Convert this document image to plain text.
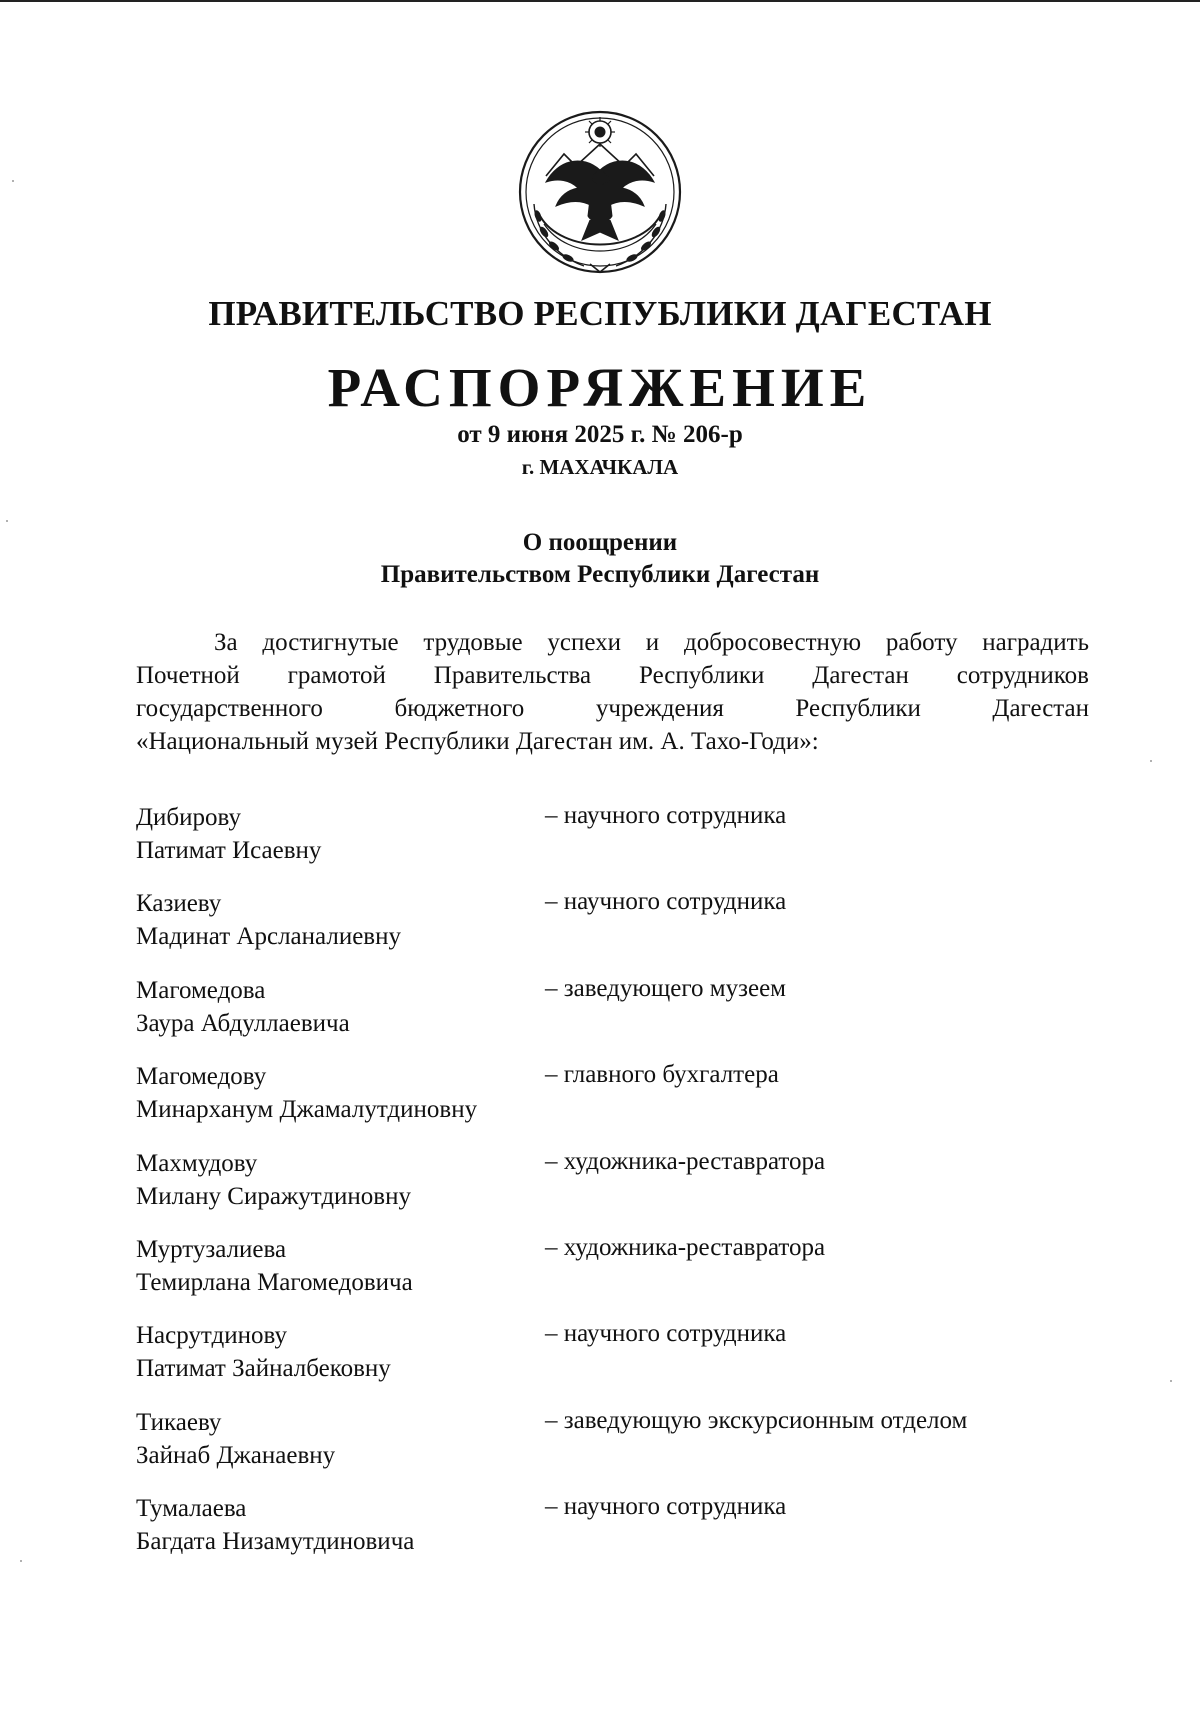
ПРАВИТЕЛЬСТВО РЕСПУБЛИКИ ДАГЕСТАН
РАСПОРЯЖЕНИЕ
от 9 июня 2025 г. № 206-р
г. МАХАЧКАЛА
О поощрении
Правительством Республики Дагестан
За достигнутые трудовые успехи и добросовестную работу наградить
Почетной грамотой Правительства Республики Дагестан сотрудников
государственного бюджетного учреждения Республики Дагестан
«Национальный музей Республики Дагестан им. А. Тахо-Годи»:
Дибирову
Патимат Исаевну
– научного сотрудника
Казиеву
Мадинат Арсланалиевну
– научного сотрудника
Магомедова
Заура Абдуллаевича
– заведующего музеем
Магомедову
Минарханум Джамалутдиновну
– главного бухгалтера
Махмудову
Милану Сиражутдиновну
– художника-реставратора
Муртузалиева
Темирлана Магомедовича
– художника-реставратора
Насрутдинову
Патимат Зайналбековну
– научного сотрудника
Тикаеву
Зайнаб Джанаевну
– заведующую экскурсионным отделом
Тумалаева
Багдата Низамутдиновича
– научного сотрудника
